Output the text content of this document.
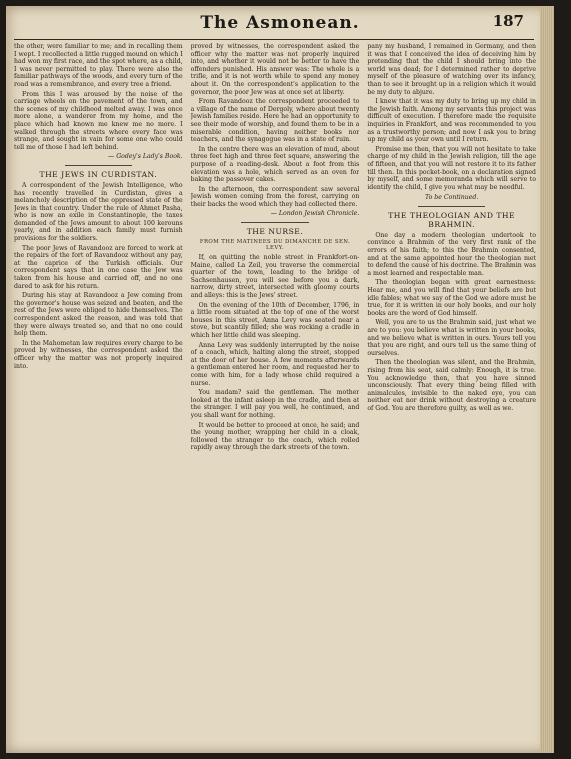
The Asmonean.	187

the other, were familiar to me; and in recalling them I wept. I recollected a little rugged mound on which I had won my first race, and the spot where, as a child, I was never permitted to play. There were also the familiar pathways of the woods, and every turn of the road was a remembrance, and every tree a friend.

From this I was aroused by the noise of the carriage wheels on the pavement of the town, and the scenes of my childhood melted away. I was once more alone, a wanderer from my home, and the place which had known me knew me no more. I walked through the streets where every face was strange, and sought in vain for some one who could tell me of those I had left behind.

— Godey's Lady's Book.

THE JEWS IN CURDISTAN.

A correspondent of the Jewish Intelligence, who has recently travelled in Curdistan, gives a melancholy description of the oppressed state of the Jews in that country. Under the rule of Ahmet Pasha, who is now an exile in Constantinople, the taxes demanded of the Jews amount to about 100 kerouns yearly, and in addition each family must furnish provisions for the soldiers.

The poor Jews of Ravandooz are forced to work at the repairs of the fort of Ravandooz without any pay, at the caprice of the Turkish officials. Our correspondent says that in one case the Jew was taken from his house and carried off, and no one dared to ask for his return.

During his stay at Ravandooz a Jew coming from the governor's house was seized and beaten, and the rest of the Jews were obliged to hide themselves. The correspondent asked the reason, and was told that they were always treated so, and that no one could help them.

In the Mahometan law requires every charge to be proved by witnesses, the correspondent asked the officer why the matter was not properly inquired into.

proved by witnesses, the correspondent asked the officer why the matter was not properly inquired into, and whether it would not be better to have the offenders punished. His answer was: The whole is a trifle, and it is not worth while to spend any money about it. On the correspondent's application to the governor, the poor Jew was at once set at liberty.

From Ravandooz the correspondent proceeded to a village of the name of Dergoly, where about twenty Jewish families reside. Here he had an opportunity to see their mode of worship, and found them to be in a miserable condition, having neither books nor teachers, and the synagogue was in a state of ruin.

In the centre there was an elevation of mud, about three feet high and three feet square, answering the purpose of a reading-desk. About a foot from this elevation was a hole, which served as an oven for baking the passover cakes.

In the afternoon, the correspondent saw several Jewish women coming from the forest, carrying on their backs the wood which they had collected there.

— London Jewish Chronicle.

THE NURSE.
FROM THE MATINEES DU DIMANCHE DE SEN. LEVY.

If, on quitting the noble street in Frankfort-on-Maine, called La Zeil, you traverse the commercial quarter of the town, leading to the bridge of Sachsenhausen, you will see before you a dark, narrow, dirty street, intersected with gloomy courts and alleys: this is the Jews' street.

On the evening of the 10th of December, 1796, in a little room situated at the top of one of the worst houses in this street, Anna Levy was seated near a stove, but scantily filled; she was rocking a cradle in which her little child was sleeping.

Anna Levy was suddenly interrupted by the noise of a coach, which, halting along the street, stopped at the door of her house. A few moments afterwards a gentleman entered her room, and requested her to come with him, for a lady whose child required a nurse.

You madam? said the gentleman. The mother looked at the infant asleep in the cradle, and then at the stranger. I will pay you well, he continued, and you shall want for nothing.

It would be better to proceed at once, he said; and the young mother, wrapping her child in a cloak, followed the stranger to the coach, which rolled rapidly away through the dark streets of the town.

pany my husband, I remained in Germany, and then it was that I conceived the idea of deceiving him by pretending that the child I should bring into the world was dead; for I determined rather to deprive myself of the pleasure of watching over its infancy, than to see it brought up in a religion which it would be my duty to abjure.

I knew that it was my duty to bring up my child in the Jewish faith. Among my servants this project was difficult of execution. I therefore made the requisite inquiries in Frankfort, and was recommended to you as a trustworthy person; and now I ask you to bring up my child as your own until I return.

Promise me then, that you will not hesitate to take charge of my child in the Jewish religion, till the age of fifteen, and that you will not restore it to its father till then. In this pocket-book, on a declaration signed by myself, and some memoranda which will serve to identify the child, I give you what may be needful.

To be Continued.

THE THEOLOGIAN AND THE BRAHMIN.

One day a modern theologian undertook to convince a Brahmin of the very first rank of the errors of his faith; to this the Brahmin consented, and at the same appointed hour the theologian met to defend the cause of his doctrine. The Brahmin was a most learned and respectable man.

The theologian began with great earnestness: Hear me, and you will find that your beliefs are but idle fables; what we say of the God we adore must be true, for it is written in our holy books, and our holy books are the word of God himself.

Well, you are to us the Brahmin said, just what we are to you: you believe what is written in your books, and we believe what is written in ours. Yours tell you that you are right, and ours tell us the same thing of ourselves.

Then the theologian was silent, and the Brahmin, rising from his seat, said calmly: Enough, it is true. You acknowledge then, that you have sinned unconsciously. That every thing being filled with animalcules, invisible to the naked eye, you can neither eat nor drink without destroying a creature of God. You are therefore guilty, as well as we.
